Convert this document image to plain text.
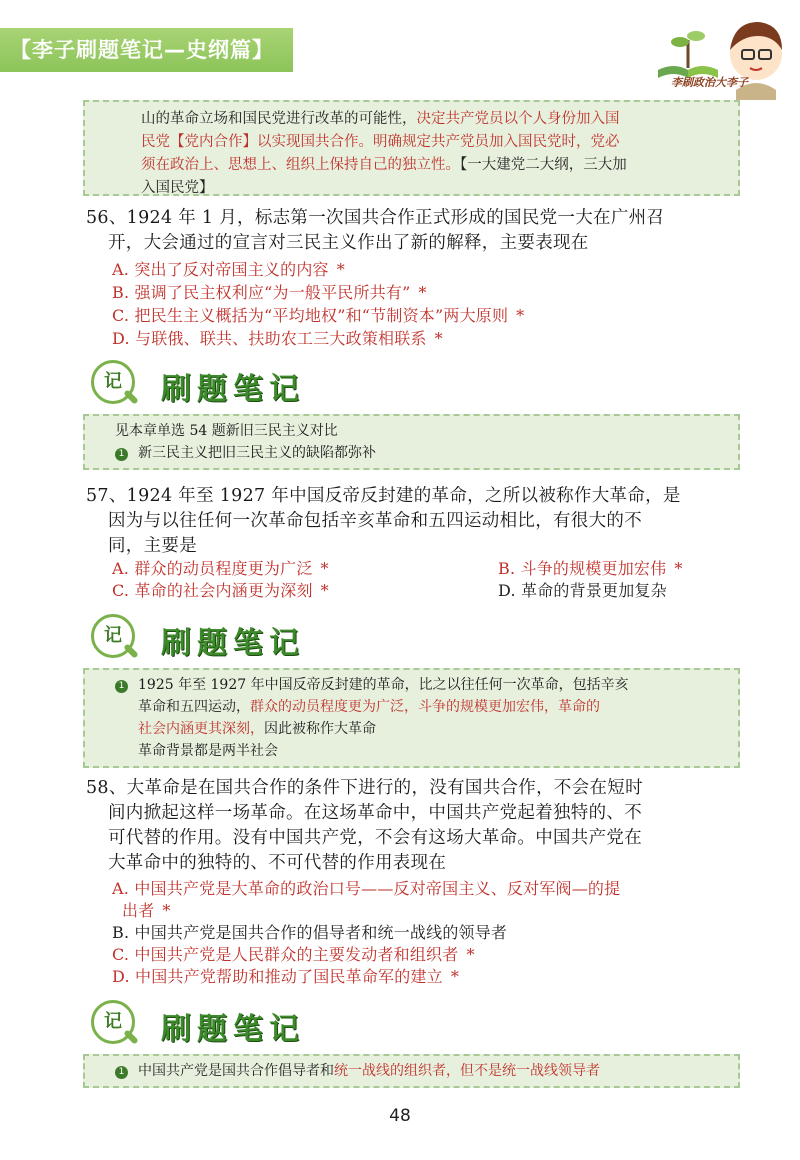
【李子刷题笔记—史纲篇】
李刷政治大李子
山的革命立场和国民党进行改革的可能性，决定共产党员以个人身份加入国
民党【党内合作】以实现国共合作。明确规定共产党员加入国民党时，党必
须在政治上、思想上、组织上保持自己的独立性。【一大建党二大纲，三大加
入国民党】
56、1924 年 1 月，标志第一次国共合作正式形成的国民党一大在广州召
开，大会通过的宣言对三民主义作出了新的解释，主要表现在
A. 突出了反对帝国主义的内容 *
B. 强调了民主权利应“为一般平民所共有” *
C. 把民生主义概括为“平均地权”和“节制资本”两大原则 *
D. 与联俄、联共、扶助农工三大政策相联系 *
记	刷题笔记
见本章单选 54 题新旧三民主义对比
1 新三民主义把旧三民主义的缺陷都弥补
57、1924 年至 1927 年中国反帝反封建的革命，之所以被称作大革命，是
因为与以往任何一次革命包括辛亥革命和五四运动相比，有很大的不
同，主要是
A. 群众的动员程度更为广泛 *	B. 斗争的规模更加宏伟 *
C. 革命的社会内涵更为深刻 *	D. 革命的背景更加复杂
记	刷题笔记
1 1925 年至 1927 年中国反帝反封建的革命，比之以往任何一次革命，包括辛亥
革命和五四运动，群众的动员程度更为广泛，斗争的规模更加宏伟，革命的
社会内涵更其深刻，因此被称作大革命
革命背景都是两半社会
58、大革命是在国共合作的条件下进行的，没有国共合作，不会在短时
间内掀起这样一场革命。在这场革命中，中国共产党起着独特的、不
可代替的作用。没有中国共产党，不会有这场大革命。中国共产党在
大革命中的独特的、不可代替的作用表现在
A. 中国共产党是大革命的政治口号——反对帝国主义、反对军阀—的提
出者 *
B. 中国共产党是国共合作的倡导者和统一战线的领导者
C. 中国共产党是人民群众的主要发动者和组织者 *
D. 中国共产党帮助和推动了国民革命军的建立 *
记	刷题笔记
1 中国共产党是国共合作倡导者和统一战线的组织者，但不是统一战线领导者
48
